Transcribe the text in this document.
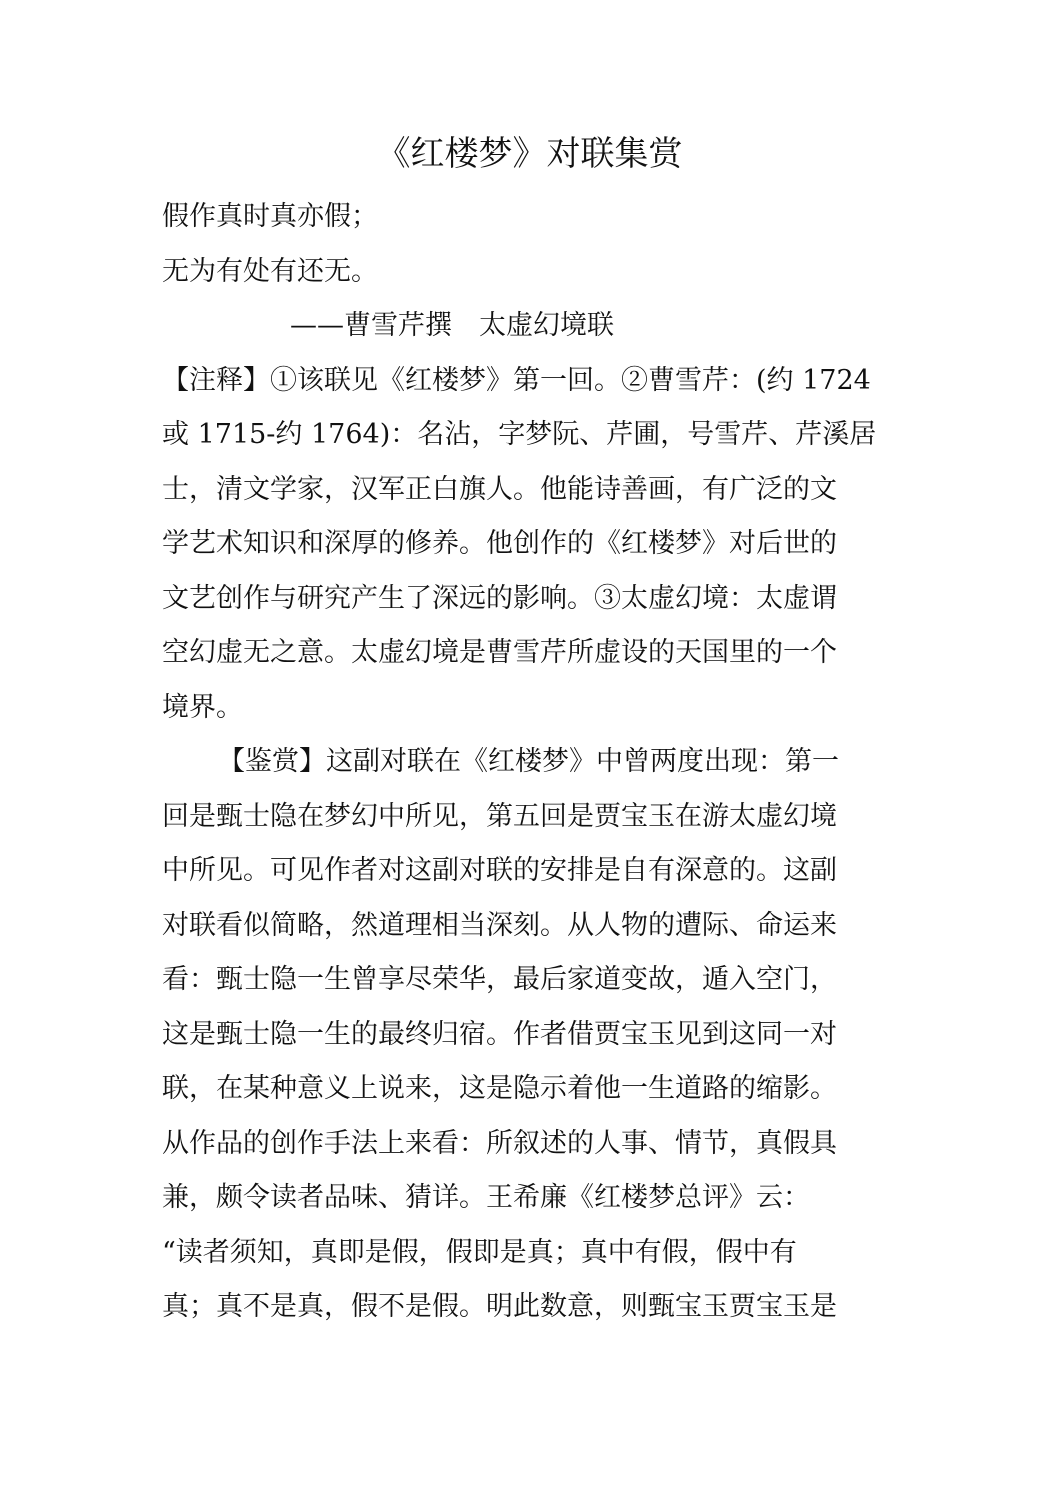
《红楼梦》对联集赏
假作真时真亦假；
无为有处有还无。
——曹雪芹撰　太虚幻境联
【注释】①该联见《红楼梦》第一回。②曹雪芹：(约 1724
或 1715-约 1764)：名沾，字梦阮、芹圃，号雪芹、芹溪居
士，清文学家，汉军正白旗人。他能诗善画，有广泛的文
学艺术知识和深厚的修养。他创作的《红楼梦》对后世的
文艺创作与研究产生了深远的影响。③太虚幻境：太虚谓
空幻虚无之意。太虚幻境是曹雪芹所虚设的天国里的一个
境界。
【鉴赏】这副对联在《红楼梦》中曾两度出现：第一
回是甄士隐在梦幻中所见，第五回是贾宝玉在游太虚幻境
中所见。可见作者对这副对联的安排是自有深意的。这副
对联看似简略，然道理相当深刻。从人物的遭际、命运来
看：甄士隐一生曾享尽荣华，最后家道变故，遁入空门，
这是甄士隐一生的最终归宿。作者借贾宝玉见到这同一对
联，在某种意义上说来，这是隐示着他一生道路的缩影。
从作品的创作手法上来看：所叙述的人事、情节，真假具
兼，颇令读者品味、猜详。王希廉《红楼梦总评》云：
“读者须知，真即是假，假即是真；真中有假，假中有
真；真不是真，假不是假。明此数意，则甄宝玉贾宝玉是
